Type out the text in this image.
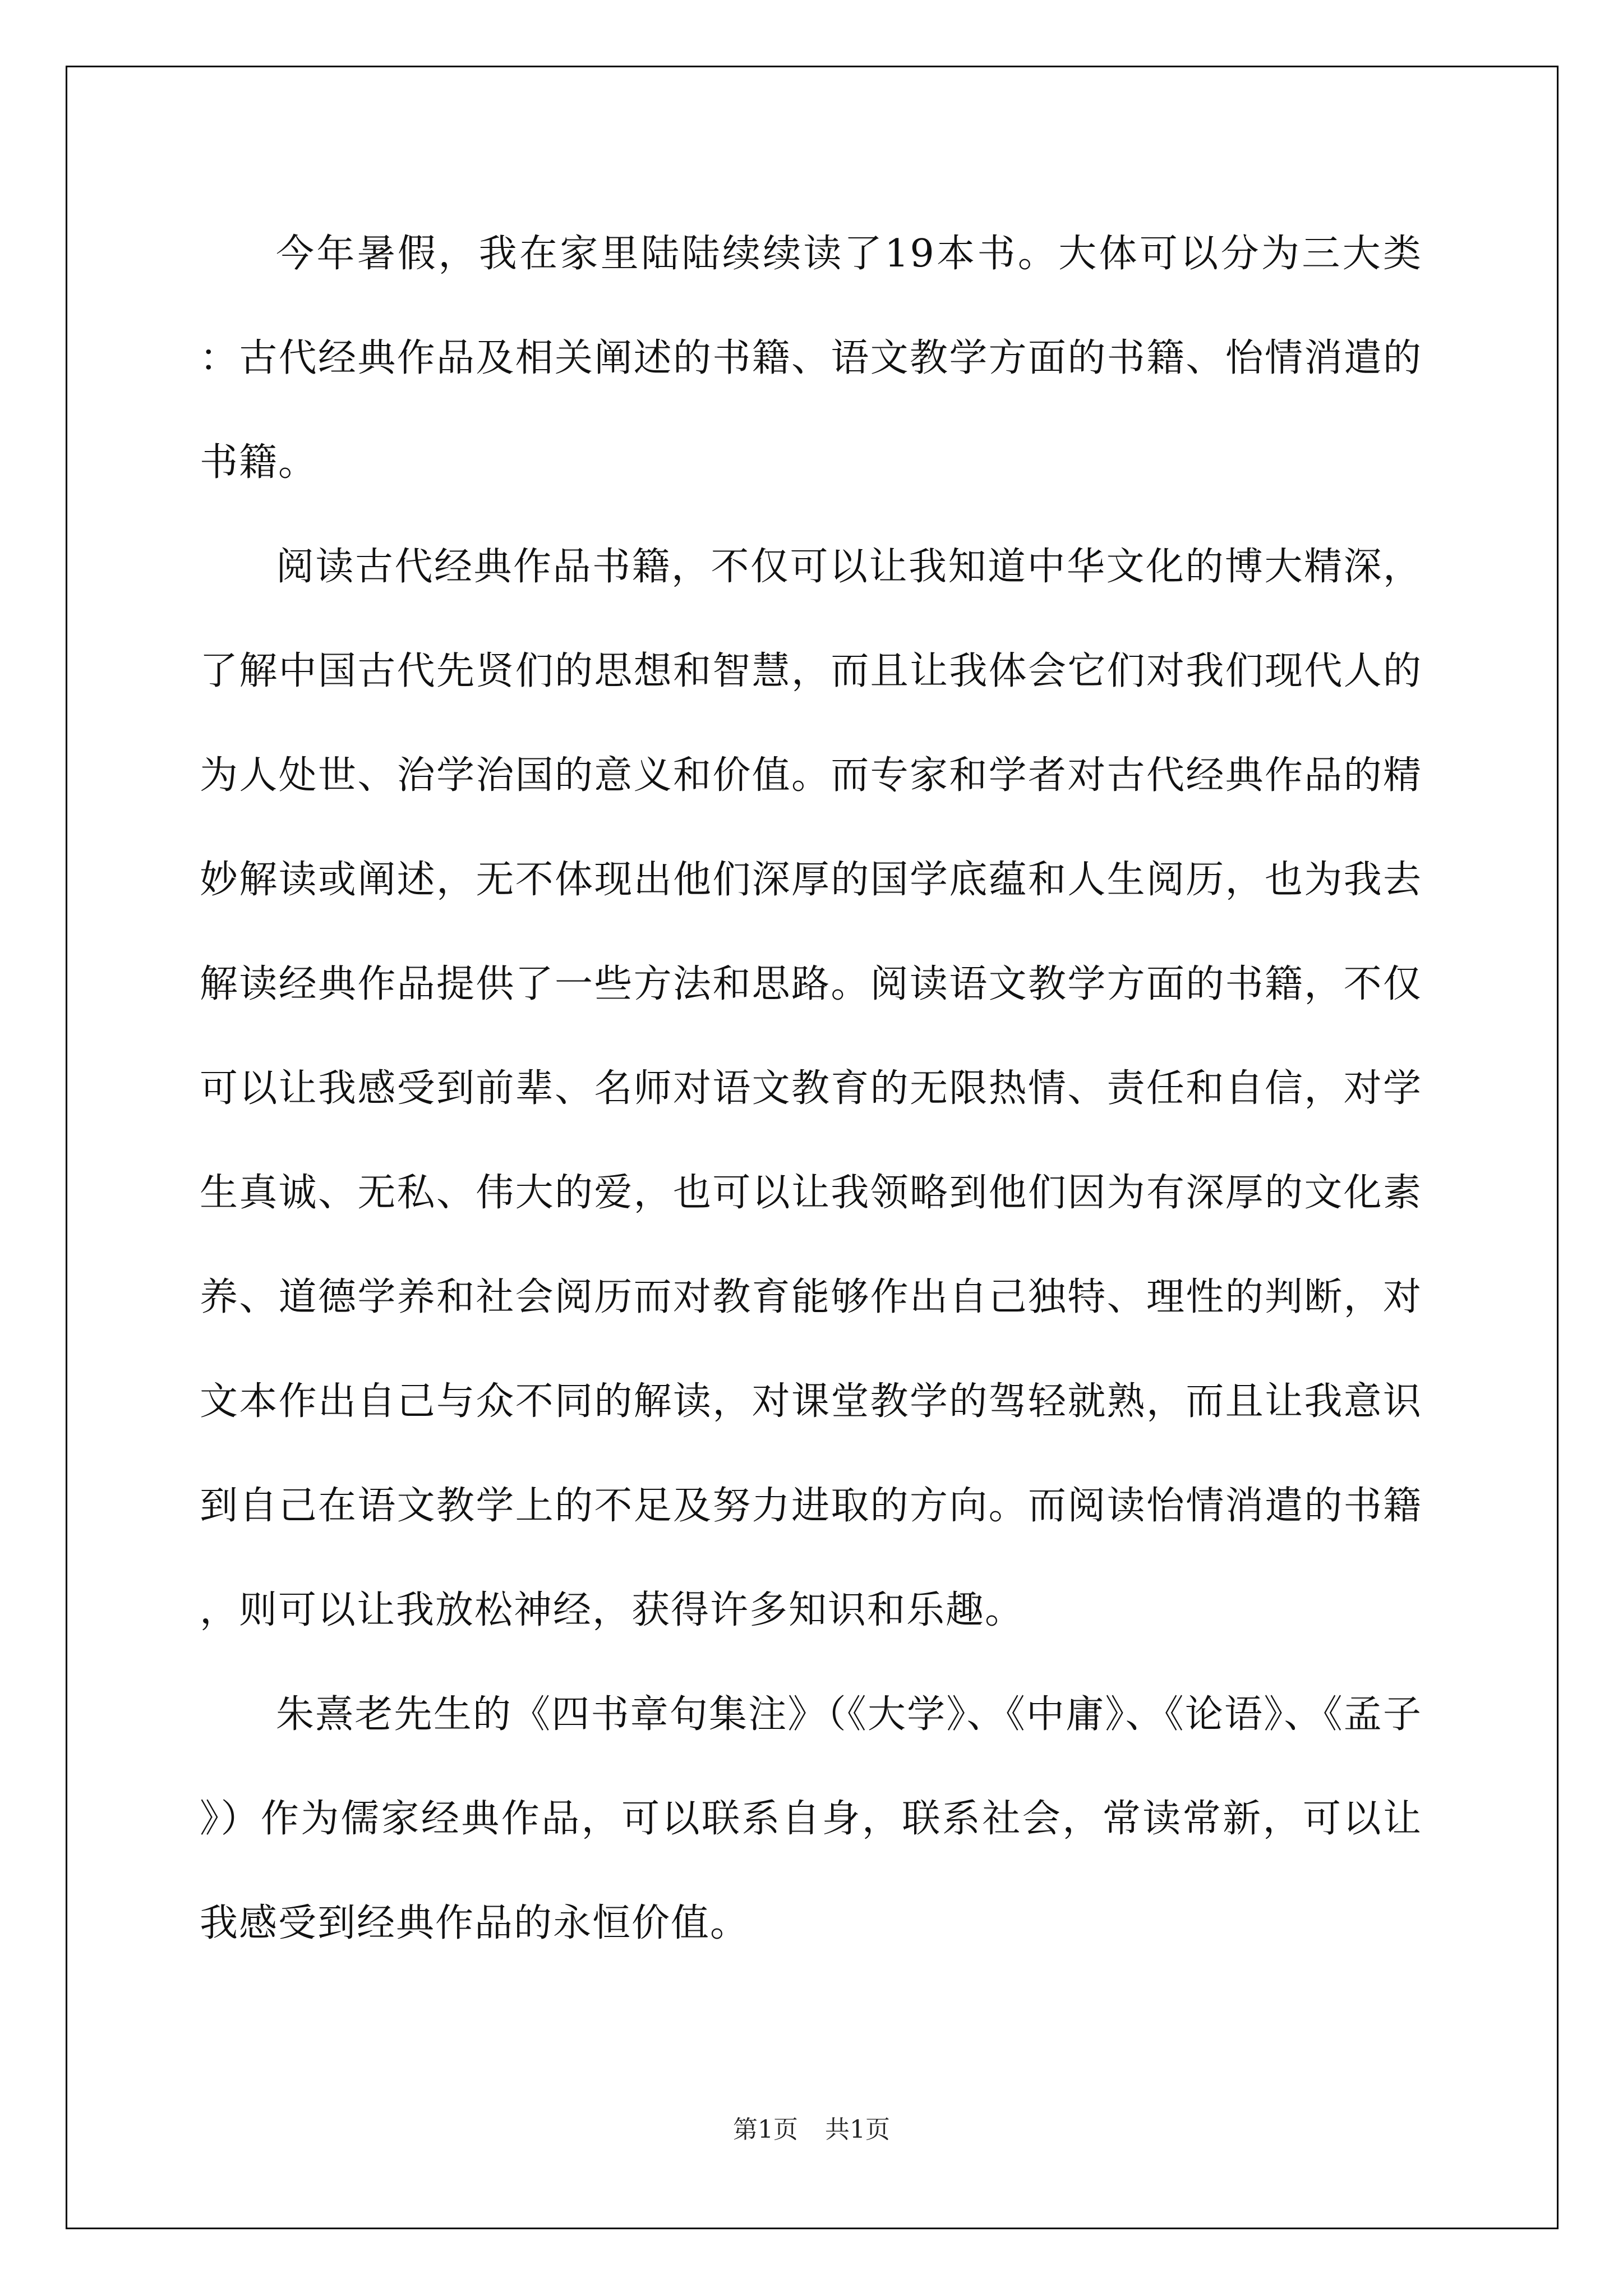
今年暑假，我在家里陆陆续续读了19本书。大体可以分为三大类：古代经典作品及相关阐述的书籍、语文教学方面的书籍、怡情消遣的书籍。

阅读古代经典作品书籍，不仅可以让我知道中华文化的博大精深，了解中国古代先贤们的思想和智慧，而且让我体会它们对我们现代人的为人处世、治学治国的意义和价值。而专家和学者对古代经典作品的精妙解读或阐述，无不体现出他们深厚的国学底蕴和人生阅历，也为我去解读经典作品提供了一些方法和思路。阅读语文教学方面的书籍，不仅可以让我感受到前辈、名师对语文教育的无限热情、责任和自信，对学生真诚、无私、伟大的爱，也可以让我领略到他们因为有深厚的文化素养、道德学养和社会阅历而对教育能够作出自己独特、理性的判断，对文本作出自己与众不同的解读，对课堂教学的驾轻就熟，而且让我意识到自己在语文教学上的不足及努力进取的方向。而阅读怡情消遣的书籍，则可以让我放松神经，获得许多知识和乐趣。

朱熹老先生的《四书章句集注》（《大学》、《中庸》、《论语》、《孟子》）作为儒家经典作品，可以联系自身，联系社会，常读常新，可以让我感受到经典作品的永恒价值。

第1页 共1页
